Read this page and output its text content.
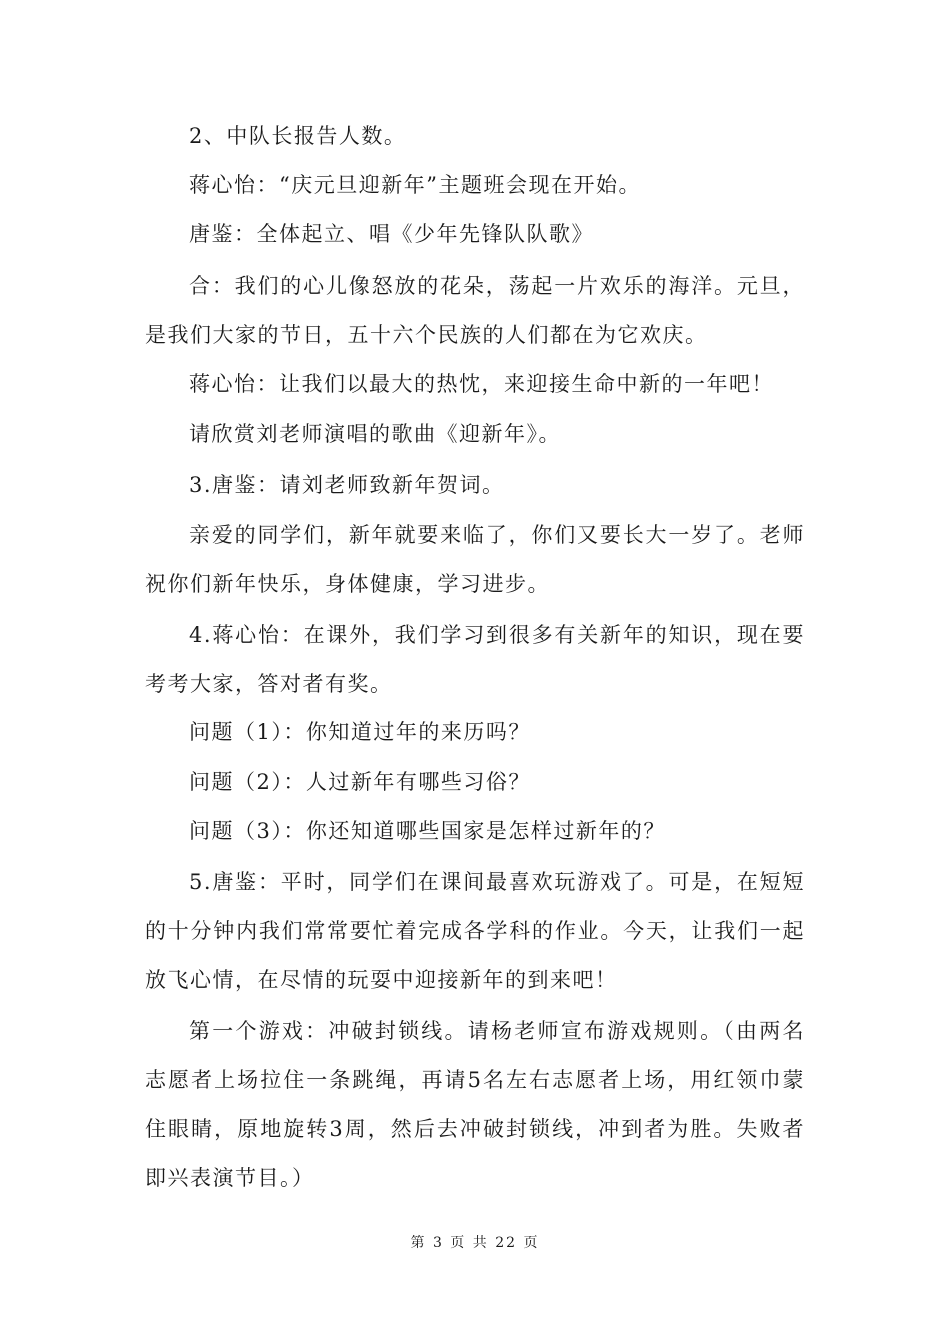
2、中队长报告人数。

蒋心怡：“庆元旦迎新年”主题班会现在开始。

唐鉴：全体起立、唱《少年先锋队队歌》

合：我们的心儿像怒放的花朵，荡起一片欢乐的海洋。元旦，是我们大家的节日，五十六个民族的人们都在为它欢庆。

蒋心怡：让我们以最大的热忱，来迎接生命中新的一年吧！

请欣赏刘老师演唱的歌曲《迎新年》。

3.唐鉴：请刘老师致新年贺词。

亲爱的同学们，新年就要来临了，你们又要长大一岁了。老师祝你们新年快乐，身体健康，学习进步。

4.蒋心怡：在课外，我们学习到很多有关新年的知识，现在要考考大家，答对者有奖。

问题（1）：你知道过年的来历吗？

问题（2）：人过新年有哪些习俗？

问题（3）：你还知道哪些国家是怎样过新年的？

5.唐鉴：平时，同学们在课间最喜欢玩游戏了。可是，在短短的十分钟内我们常常要忙着完成各学科的作业。今天，让我们一起放飞心情，在尽情的玩耍中迎接新年的到来吧！

第一个游戏：冲破封锁线。请杨老师宣布游戏规则。（由两名志愿者上场拉住一条跳绳，再请5名左右志愿者上场，用红领巾蒙住眼睛，原地旋转3周，然后去冲破封锁线，冲到者为胜。失败者即兴表演节目。）

第 3 页 共 22 页
